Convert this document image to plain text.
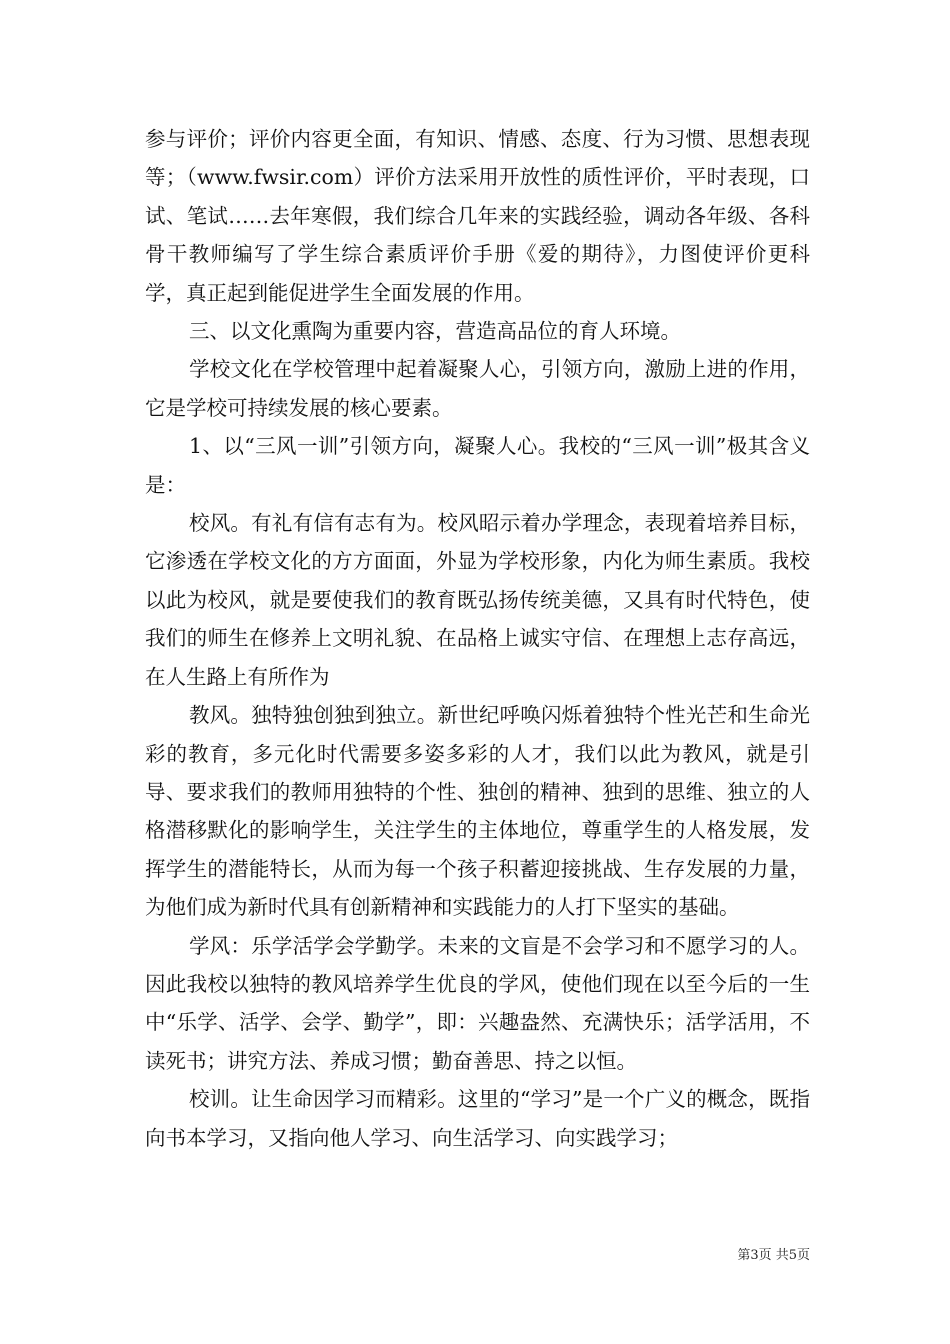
参与评价；评价内容更全面，有知识、情感、态度、行为习惯、思想表现等；（www.fwsir.com）评价方法采用开放性的质性评价，平时表现，口试、笔试……去年寒假，我们综合几年来的实践经验，调动各年级、各科骨干教师编写了学生综合素质评价手册《爱的期待》，力图使评价更科学，真正起到能促进学生全面发展的作用。

三、以文化熏陶为重要内容，营造高品位的育人环境。

学校文化在学校管理中起着凝聚人心，引领方向，激励上进的作用，它是学校可持续发展的核心要素。

1、以“三风一训”引领方向，凝聚人心。我校的“三风一训”极其含义是：

校风。有礼有信有志有为。校风昭示着办学理念，表现着培养目标，它渗透在学校文化的方方面面，外显为学校形象，内化为师生素质。我校以此为校风，就是要使我们的教育既弘扬传统美德，又具有时代特色，使我们的师生在修养上文明礼貌、在品格上诚实守信、在理想上志存高远，在人生路上有所作为

教风。独特独创独到独立。新世纪呼唤闪烁着独特个性光芒和生命光彩的教育，多元化时代需要多姿多彩的人才，我们以此为教风，就是引导、要求我们的教师用独特的个性、独创的精神、独到的思维、独立的人格潜移默化的影响学生，关注学生的主体地位，尊重学生的人格发展，发挥学生的潜能特长，从而为每一个孩子积蓄迎接挑战、生存发展的力量，为他们成为新时代具有创新精神和实践能力的人打下坚实的基础。

学风：乐学活学会学勤学。未来的文盲是不会学习和不愿学习的人。因此我校以独特的教风培养学生优良的学风，使他们现在以至今后的一生中“乐学、活学、会学、勤学”，即：兴趣盎然、充满快乐；活学活用，不读死书；讲究方法、养成习惯；勤奋善思、持之以恒。

校训。让生命因学习而精彩。这里的“学习”是一个广义的概念，既指向书本学习，又指向他人学习、向生活学习、向实践学习；

第3页 共5页
